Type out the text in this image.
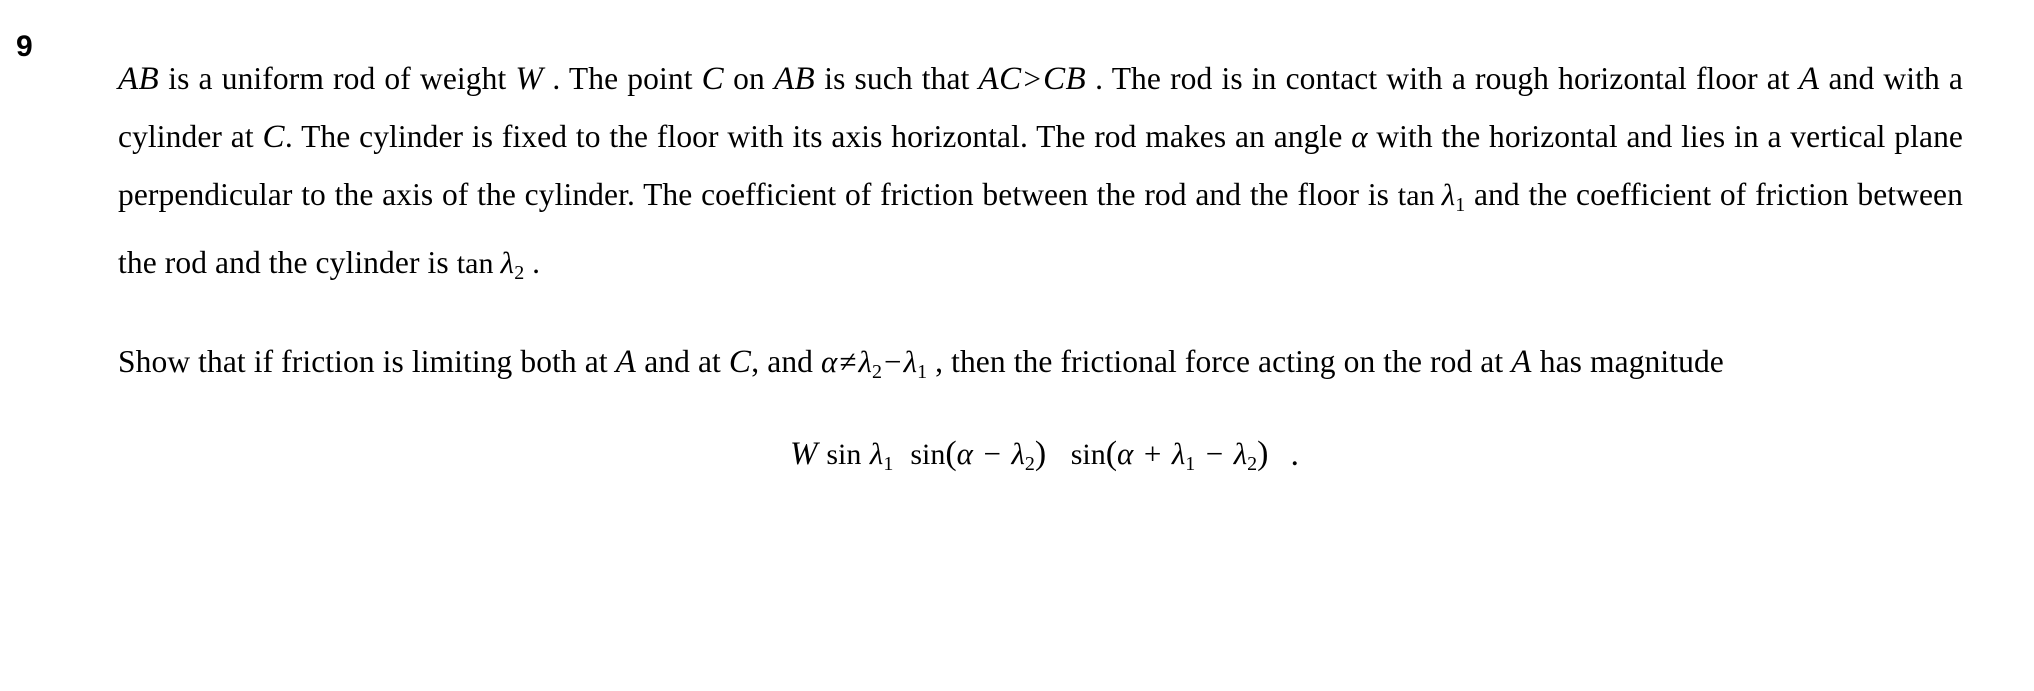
9

AB is a uniform rod of weight W . The point C on AB is such that AC>CB . The rod is in contact with a rough horizontal floor at A and with a cylinder at C. The cylinder is fixed to the floor with its axis horizontal. The rod makes an angle α with the horizontal and lies in a vertical plane perpendicular to the axis of the cylinder. The coefficient of friction between the rod and the floor is $\tan \lambda_1$ and the coefficient of friction between the rod and the cylinder is $\tan \lambda_2$ .

Show that if friction is limiting both at A and at C, and $\alpha\ne\lambda_2-\lambda_1$ , then the frictional force acting on the rod at A has magnitude

W $\sin \lambda_1$ $\sin(\alpha - \lambda_2)$ $\sin(\alpha + \lambda_1 - \lambda_2)$ .
